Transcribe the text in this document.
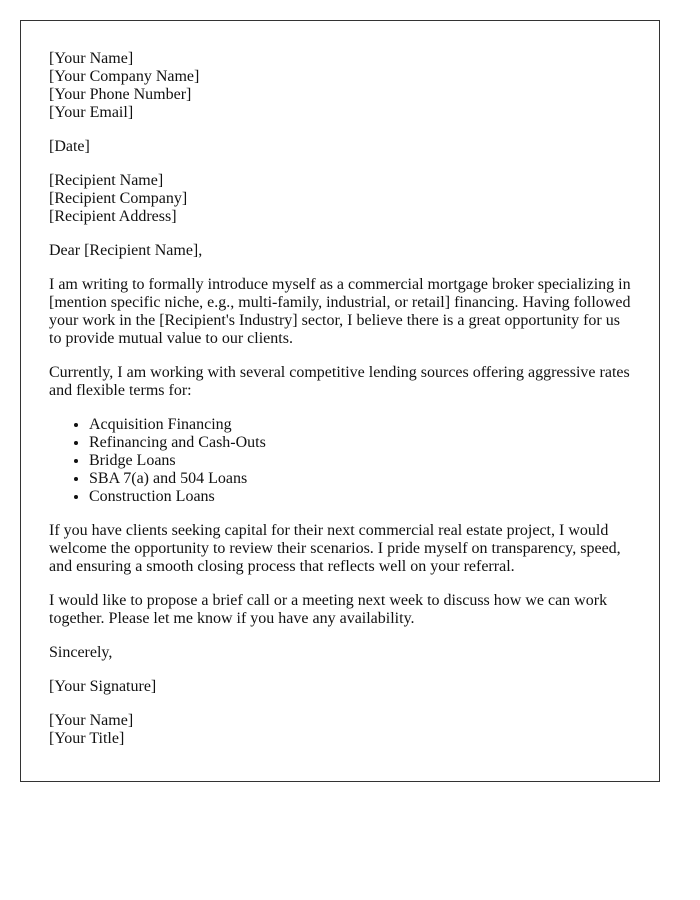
[Your Name]
[Your Company Name]
[Your Phone Number]
[Your Email]
[Date]
[Recipient Name]
[Recipient Company]
[Recipient Address]

Dear [Recipient Name],

I am writing to formally introduce myself as a commercial mortgage broker specializing in [mention specific niche, e.g., multi-family, industrial, or retail] financing. Having followed your work in the [Recipient's Industry] sector, I believe there is a great opportunity for us to provide mutual value to our clients.

Currently, I am working with several competitive lending sources offering aggressive rates and flexible terms for:

• Acquisition Financing
• Refinancing and Cash-Outs
• Bridge Loans
• SBA 7(a) and 504 Loans
• Construction Loans

If you have clients seeking capital for their next commercial real estate project, I would welcome the opportunity to review their scenarios. I pride myself on transparency, speed, and ensuring a smooth closing process that reflects well on your referral.

I would like to propose a brief call or a meeting next week to discuss how we can work together. Please let me know if you have any availability.

Sincerely,

[Your Signature]

[Your Name]
[Your Title]
